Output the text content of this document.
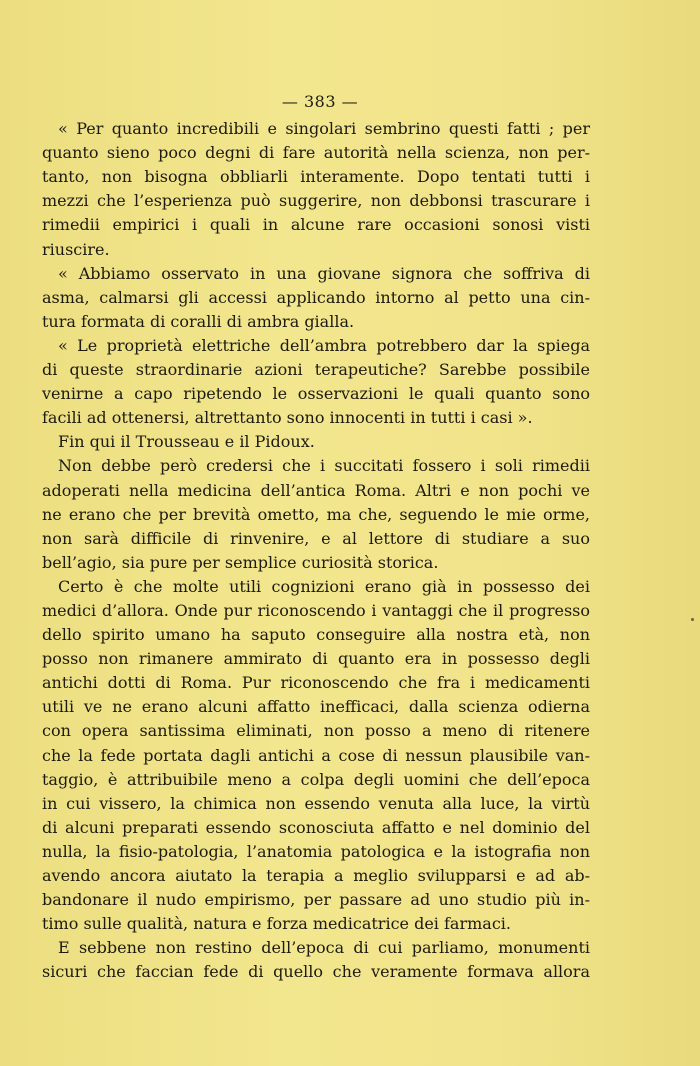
— 383 —
« Per quanto incredibili e singolari sembrino questi fatti ; per
quanto sieno poco degni di fare autorità nella scienza, non per-
tanto, non bisogna obbliarli interamente. Dopo tentati tutti i
mezzi che l’esperienza può suggerire, non debbonsi trascurare i
rimedii empirici i quali in alcune rare occasioni sonosi visti
riuscire.
« Abbiamo osservato in una giovane signora che soffriva di
asma, calmarsi gli accessi applicando intorno al petto una cin-
tura formata di coralli di ambra gialla.
« Le proprietà elettriche dell’ambra potrebbero dar la spiega
di queste straordinarie azioni terapeutiche? Sarebbe possibile
venirne a capo ripetendo le osservazioni le quali quanto sono
facili ad ottenersi, altrettanto sono innocenti in tutti i casi ».
Fin qui il Trousseau e il Pidoux.
Non debbe però credersi che i succitati fossero i soli rimedii
adoperati nella medicina dell’antica Roma. Altri e non pochi ve
ne erano che per brevità ometto, ma che, seguendo le mie orme,
non sarà difficile di rinvenire, e al lettore di studiare a suo
bell’agio, sia pure per semplice curiosità storica.
Certo è che molte utili cognizioni erano già in possesso dei
medici d’allora. Onde pur riconoscendo i vantaggi che il progresso
dello spirito umano ha saputo conseguire alla nostra età, non
posso non rimanere ammirato di quanto era in possesso degli
antichi dotti di Roma. Pur riconoscendo che fra i medicamenti
utili ve ne erano alcuni affatto inefficaci, dalla scienza odierna
con opera santissima eliminati, non posso a meno di ritenere
che la fede portata dagli antichi a cose di nessun plausibile van-
taggio, è attribuibile meno a colpa degli uomini che dell’epoca
in cui vissero, la chimica non essendo venuta alla luce, la virtù
di alcuni preparati essendo sconosciuta affatto e nel dominio del
nulla, la fisio-patologia, l’anatomia patologica e la istografia non
avendo ancora aiutato la terapia a meglio svilupparsi e ad ab-
bandonare il nudo empirismo, per passare ad uno studio più in-
timo sulle qualità, natura e forza medicatrice dei farmaci.
E sebbene non restino dell’epoca di cui parliamo, monumenti
sicuri che faccian fede di quello che veramente formava allora
